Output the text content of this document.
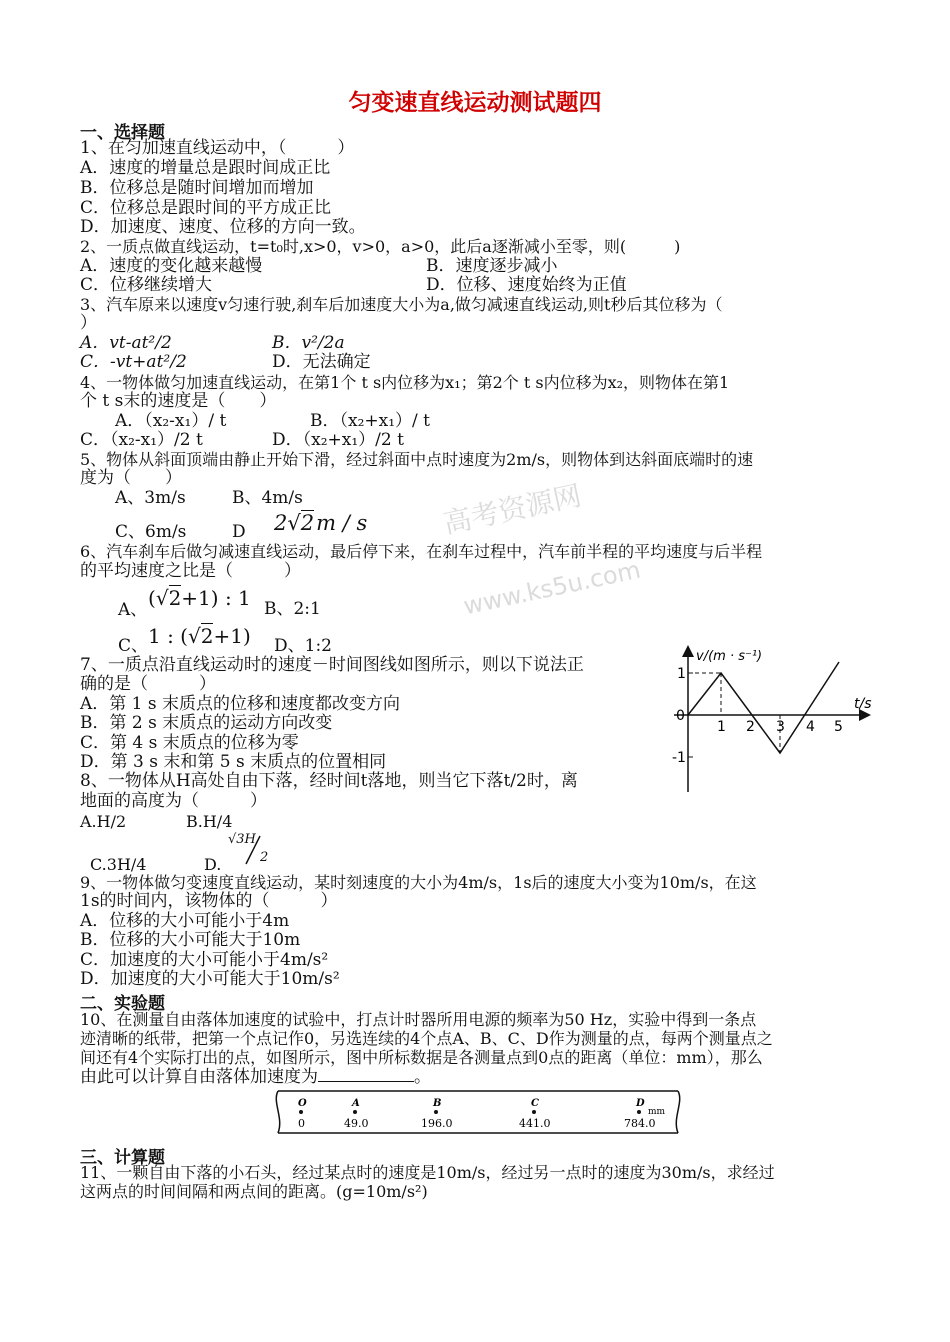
匀变速直线运动测试题四
高考资源网
www.ks5u.com
一、选择题
1、在匀加速直线运动中，（　　　）
A．速度的增量总是跟时间成正比
B．位移总是随时间增加而增加
C．位移总是跟时间的平方成正比
D．加速度、速度、位移的方向一致。
2、一质点做直线运动，t=t₀时,x>0，v>0，a>0，此后a逐渐减小至零，则(　　　)
A．速度的变化越来越慢	B．速度逐步减小
C．位移继续增大	D．位移、速度始终为正值
3、汽车原来以速度v匀速行驶,刹车后加速度大小为a,做匀减速直线运动,则t秒后其位移为（
）
A．vt-at²/2	B．v²/2a
C．-vt+at²/2	D．无法确定
4、一物体做匀加速直线运动，在第1个 t s内位移为x₁；第2个 t s内位移为x₂，则物体在第1
个 t s末的速度是（　　）
A．（x₂-x₁）/ t	B．（x₂+x₁）/ t
C．（x₂-x₁）/2 t	D．（x₂+x₁）/2 t
5、物体从斜面顶端由静止开始下滑，经过斜面中点时速度为2m/s，则物体到达斜面底端时的速
度为（　　）
A、3m/s	B、4m/s
C、6m/s	D 2√2m / s
6、汽车刹车后做匀减速直线运动，最后停下来，在刹车过程中，汽车前半程的平均速度与后半程
的平均速度之比是（　　　）
A、 (√2+1) : 1 B、2:1
C、 1 : (√2+1) D、1:2
7、一质点沿直线运动时的速度－时间图线如图所示，则以下说法正
确的是（　　　）
A．第 1 s 末质点的位移和速度都改变方向
B．第 2 s 末质点的运动方向改变
C．第 4 s 末质点的位移为零
D．第 3 s 末和第 5 s 末质点的位置相同
v/(m · s⁻¹)
t/s
1
0
-1
1 2 3 4 5
8、一物体从H高处自由下落，经时间t落地，则当它下落t/2时，离
地面的高度为（　　　）
A.H/2	B.H/4
C.3H/4	D.
√3H
2
9、一物体做匀变速度直线运动，某时刻速度的大小为4m/s，1s后的速度大小变为10m/s，在这
1s的时间内，该物体的（　　　）
A．位移的大小可能小于4m
B．位移的大小可能大于10m
C．加速度的大小可能小于4m/s²
D．加速度的大小可能大于10m/s²
二、实验题
10、在测量自由落体加速度的试验中，打点计时器所用电源的频率为50 Hz，实验中得到一条点
迹清晰的纸带，把第一个点记作0，另选连续的4个点A、B、C、D作为测量的点，每两个测量点之
间还有4个实际打出的点，如图所示，图中所标数据是各测量点到0点的距离（单位：mm），那么
由此可以计算自由落体加速度为	。
O
0
A
49.0
B
196.0
C
441.0
D
784.0
mm
三、计算题
11、一颗自由下落的小石头，经过某点时的速度是10m/s，经过另一点时的速度为30m/s，求经过
这两点的时间间隔和两点间的距离。(g=10m/s²)
